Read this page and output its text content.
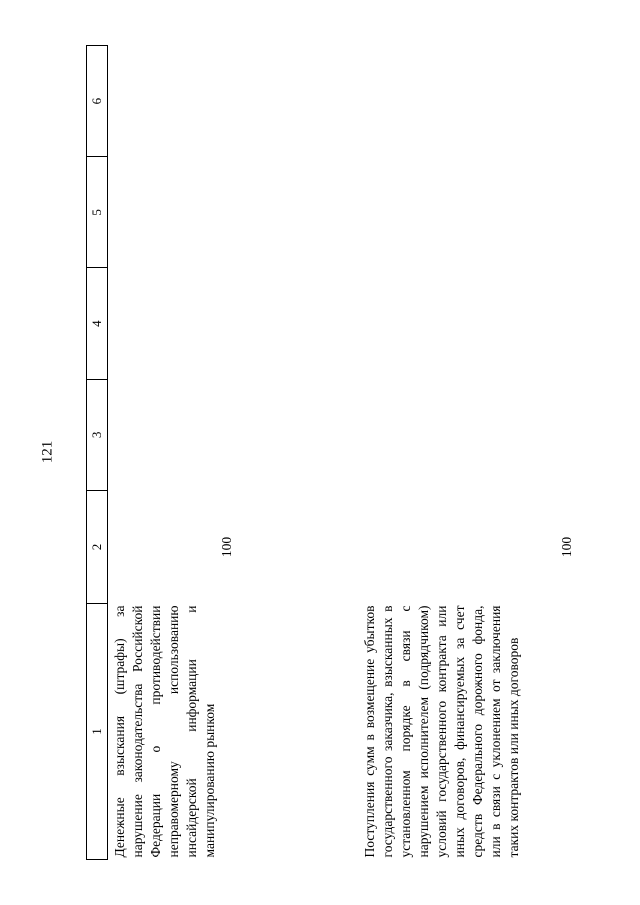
121
1	2	3	4	5	6
Денежные взыскания (штрафы) за нарушение законодательства Российской Федерации о противодействии неправомерному использованию инсайдерской информации и манипулированию рынком	100				
Поступления сумм в возмещение убытков государственного заказчика, взысканных в установленном порядке в связи с нарушением исполнителем (подрядчиком) условий государственного контракта или иных договоров, финансируемых за счет средств Федерального дорожного фонда, или в связи с уклонением от заключения таких контрактов или иных договоров	100				
